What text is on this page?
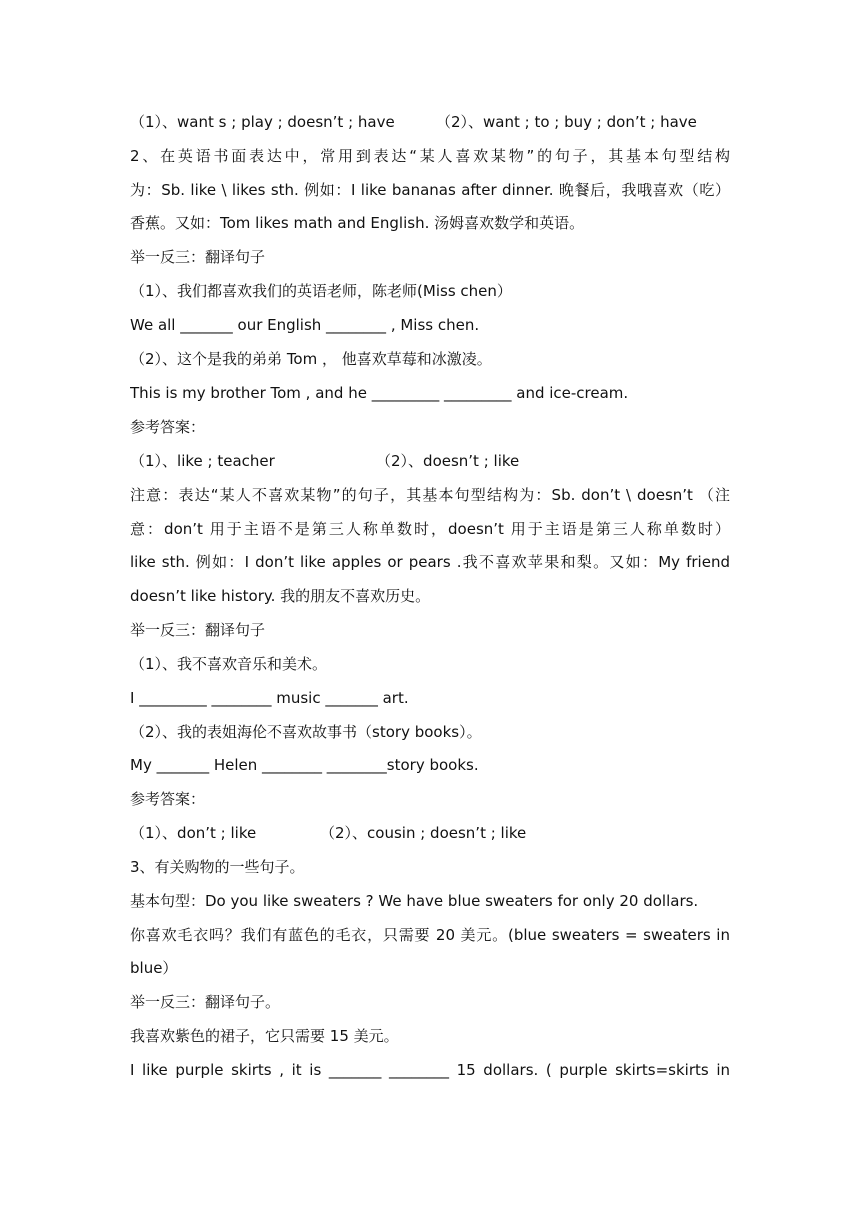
（1）、want s ; play ; doesn’t ; have	（2）、want ; to ; buy ; don’t ; have
2、在英语书面表达中，常用到表达“某人喜欢某物”的句子，其基本句型结构
为：Sb. like \ likes sth. 例如：I like bananas after dinner. 晚餐后，我哦喜欢（吃）
香蕉。又如：Tom likes math and English. 汤姆喜欢数学和英语。
举一反三：翻译句子
（1）、我们都喜欢我们的英语老师，陈老师(Miss chen）
We all _______ our English ________ , Miss chen.
（2）、这个是我的弟弟 Tom ， 他喜欢草莓和冰激凌。
This is my brother Tom , and he _________ _________ and ice-cream.
参考答案：
（1）、like ; teacher	（2）、doesn’t ; like
注意：表达“某人不喜欢某物”的句子，其基本句型结构为：Sb. don’t \ doesn’t （注
意：don’t 用于主语不是第三人称单数时，doesn’t 用于主语是第三人称单数时）
like sth. 例如：I don’t like apples or pears .我不喜欢苹果和梨。又如：My friend
doesn’t like history. 我的朋友不喜欢历史。
举一反三：翻译句子
（1）、我不喜欢音乐和美术。
I _________ ________ music _______ art.
（2）、我的表姐海伦不喜欢故事书（story books）。
My _______ Helen ________ ________story books.
参考答案：
（1）、don’t ; like	（2）、cousin ; doesn’t ; like
3、有关购物的一些句子。
基本句型：Do you like sweaters ? We have blue sweaters for only 20 dollars.
你喜欢毛衣吗？我们有蓝色的毛衣，只需要 20 美元。(blue sweaters = sweaters in
blue）
举一反三：翻译句子。
我喜欢紫色的裙子，它只需要 15 美元。
I like purple skirts , it is _______ ________ 15 dollars. ( purple skirts=skirts in
